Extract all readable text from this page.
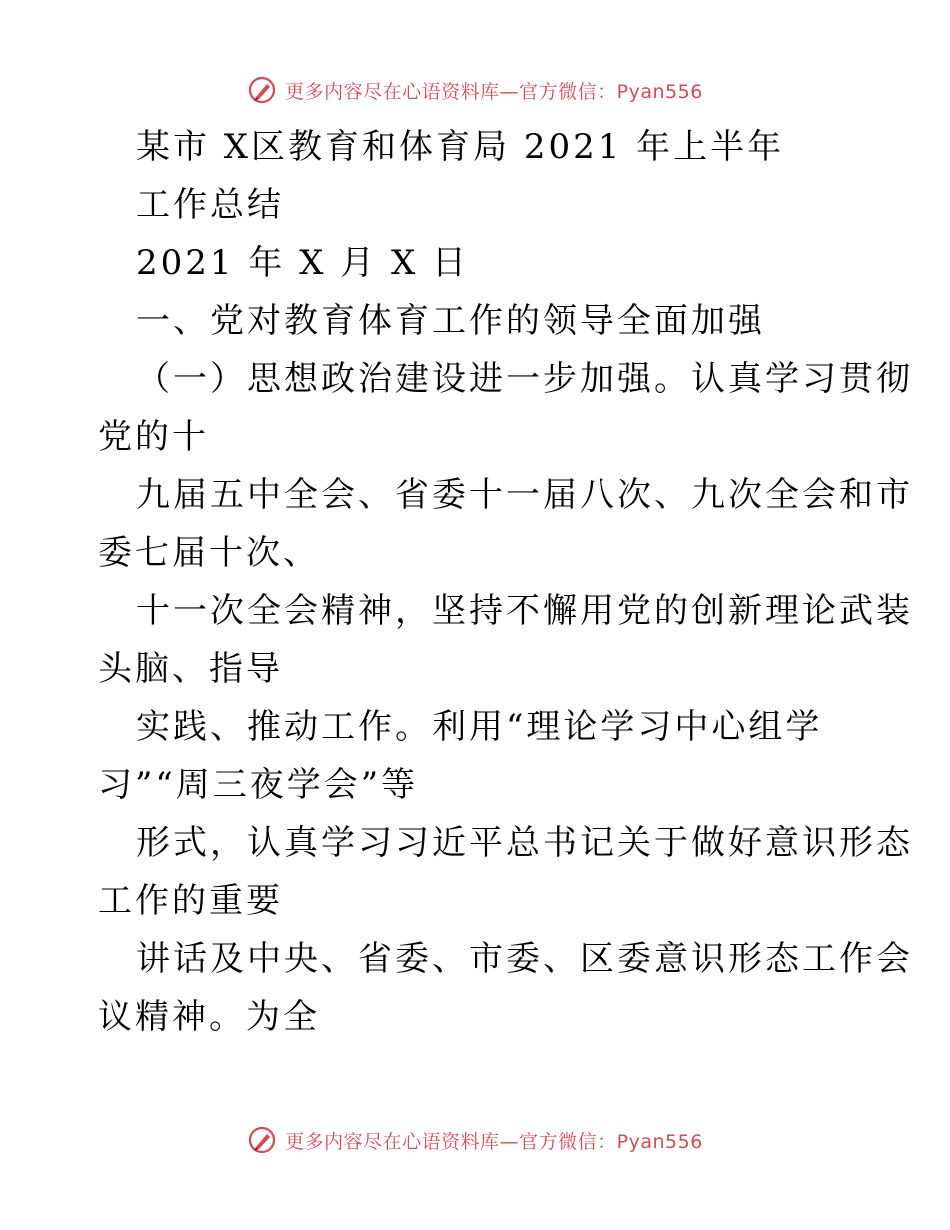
更多内容尽在心语资料库—官方微信：Pyan556
某市 X区教育和体育局 2021 年上半年
工作总结
2021 年 X 月 X 日
一、党对教育体育工作的领导全面加强
（一）思想政治建设进一步加强。认真学习贯彻
党的十
九届五中全会、省委十一届八次、九次全会和市
委七届十次、
十一次全会精神，坚持不懈用党的创新理论武装
头脑、指导
实践、推动工作。利用“理论学习中心组学
习”“周三夜学会”等
形式，认真学习习近平总书记关于做好意识形态
工作的重要
讲话及中央、省委、市委、区委意识形态工作会
议精神。为全
更多内容尽在心语资料库—官方微信：Pyan556
